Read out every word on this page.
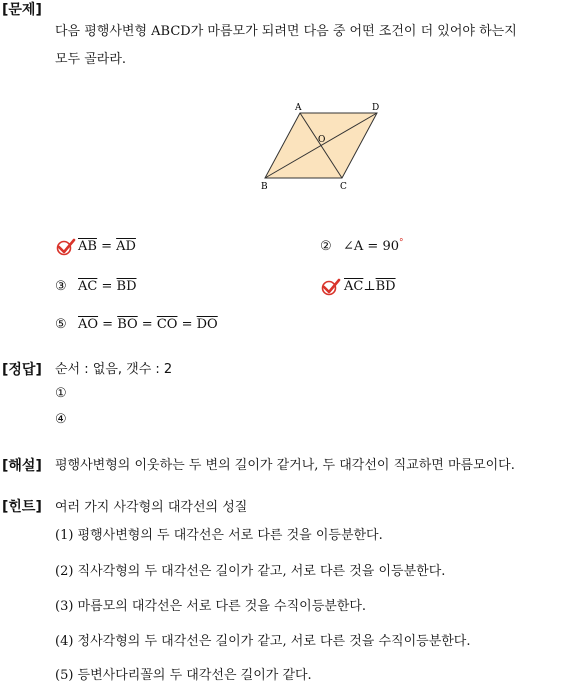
[문제]
[정답]
[해설]
[힌트]
다음 평행사변형 ABCD가 마름모가 되려면 다음 중 어떤 조건이 더 있어야 하는지
모두 골라라.
A	D
B	C
O
$\overline{AB} = \overline{AD}$	② ∠A = 90°
③ $\overline{AC} = \overline{BD}$	$\overline{AC}\perp\overline{BD}$
⑤ $\overline{AO} = \overline{BO} = \overline{CO} = \overline{DO}$
순서 : 없음, 갯수 : 2
①
④
평행사변형의 이웃하는 두 변의 길이가 같거나, 두 대각선이 직교하면 마름모이다.
여러 가지 사각형의 대각선의 성질
(1) 평행사변형의 두 대각선은 서로 다른 것을 이등분한다.
(2) 직사각형의 두 대각선은 길이가 같고, 서로 다른 것을 이등분한다.
(3) 마름모의 대각선은 서로 다른 것을 수직이등분한다.
(4) 정사각형의 두 대각선은 길이가 같고, 서로 다른 것을 수직이등분한다.
(5) 등변사다리꼴의 두 대각선은 길이가 같다.
